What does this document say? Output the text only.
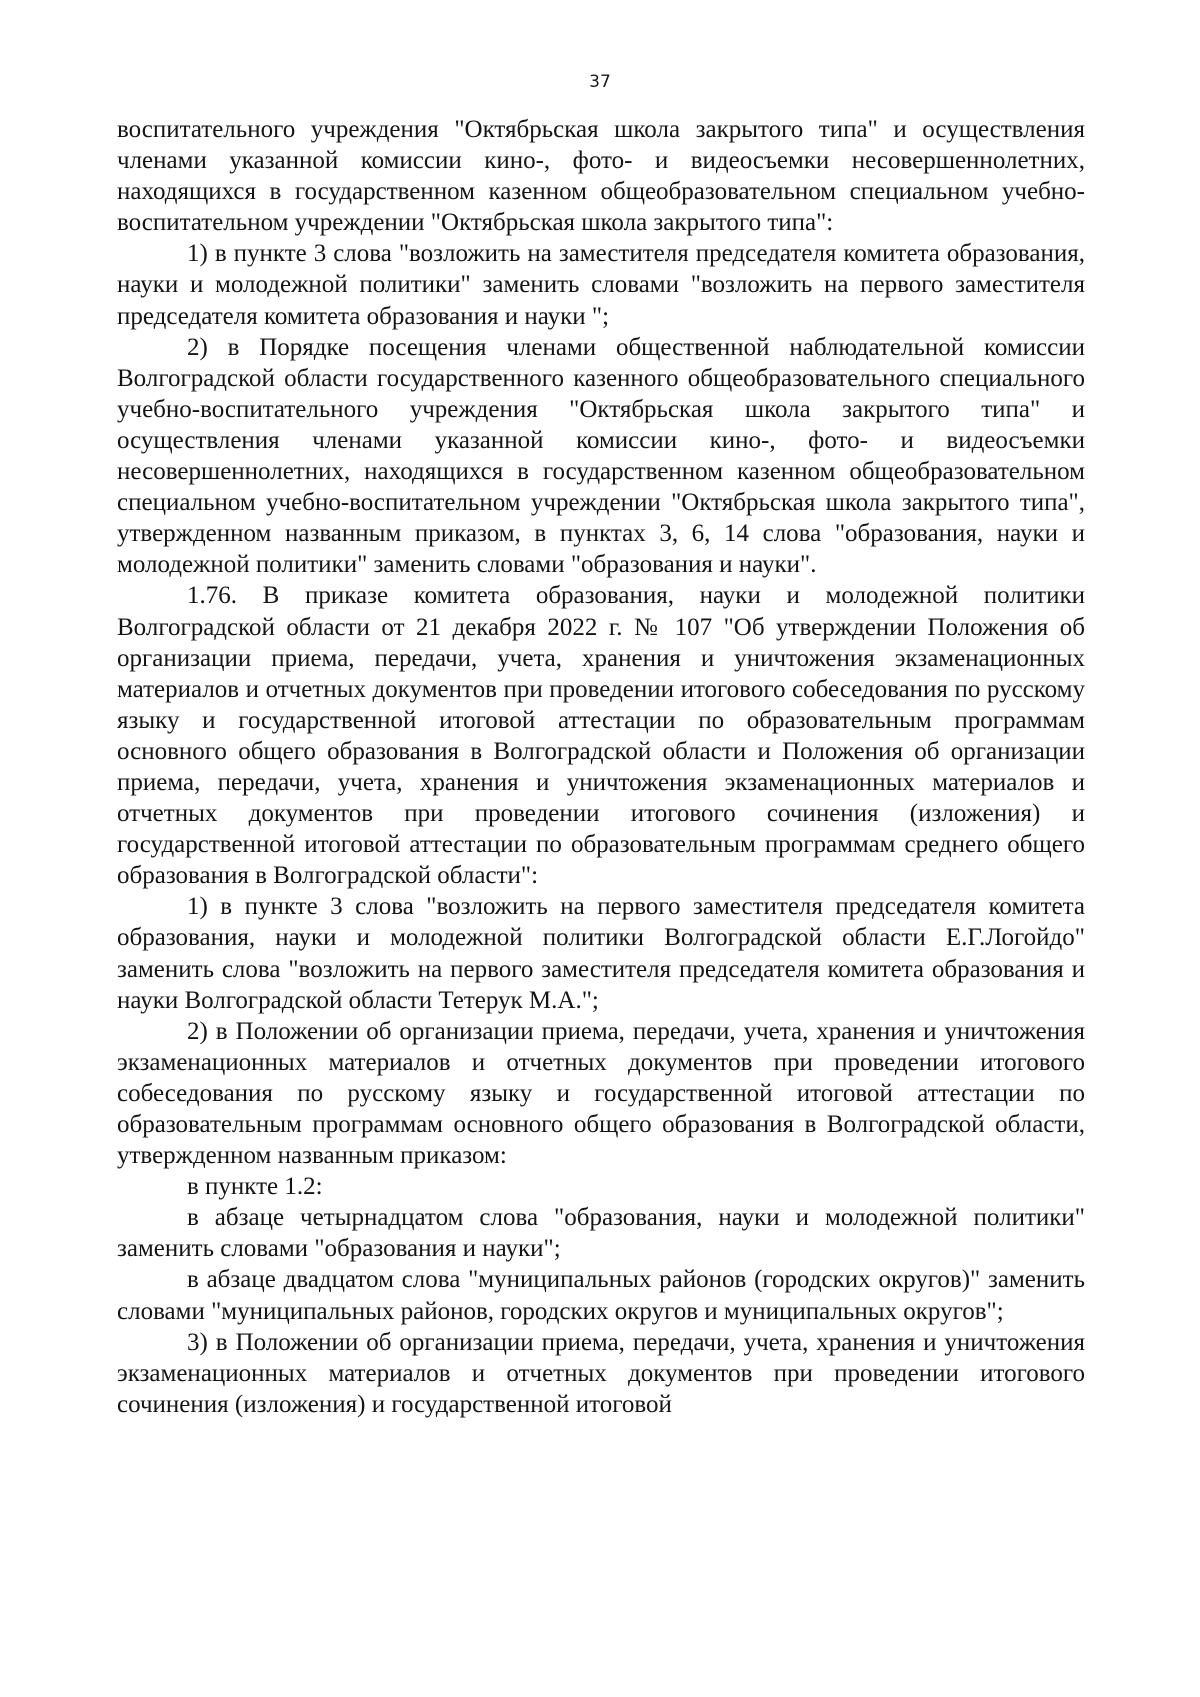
37

воспитательного учреждения "Октябрьская школа закрытого типа" и осуществления членами указанной комиссии кино-, фото- и видеосъемки несовершеннолетних, находящихся в государственном казенном общеобразовательном специальном учебно-воспитательном учреждении "Октябрьская школа закрытого типа":

1) в пункте 3 слова "возложить на заместителя председателя комитета образования, науки и молодежной политики" заменить словами "возложить на первого заместителя председателя комитета образования и науки ";

2) в Порядке посещения членами общественной наблюдательной комиссии Волгоградской области государственного казенного общеобразовательного специального учебно-воспитательного учреждения "Октябрьская школа закрытого типа" и осуществления членами указанной комиссии кино-, фото- и видеосъемки несовершеннолетних, находящихся в государственном казенном общеобразовательном специальном учебно-воспитательном учреждении "Октябрьская школа закрытого типа", утвержденном названным приказом, в пунктах 3, 6, 14 слова "образования, науки и молодежной политики" заменить словами "образования и науки".

1.76. В приказе комитета образования, науки и молодежной политики Волгоградской области от 21 декабря 2022 г. № 107 "Об утверждении Положения об организации приема, передачи, учета, хранения и уничтожения экзаменационных материалов и отчетных документов при проведении итогового собеседования по русскому языку и государственной итоговой аттестации по образовательным программам основного общего образования в Волгоградской области и Положения об организации приема, передачи, учета, хранения и уничтожения экзаменационных материалов и отчетных документов при проведении итогового сочинения (изложения) и государственной итоговой аттестации по образовательным программам среднего общего образования в Волгоградской области":

1) в пункте 3 слова "возложить на первого заместителя председателя комитета образования, науки и молодежной политики Волгоградской области Е.Г.Логойдо" заменить слова "возложить на первого заместителя председателя комитета образования и науки Волгоградской области Тетерук М.А.";

2) в Положении об организации приема, передачи, учета, хранения и уничтожения экзаменационных материалов и отчетных документов при проведении итогового собеседования по русскому языку и государственной итоговой аттестации по образовательным программам основного общего образования в Волгоградской области, утвержденном названным приказом:

в пункте 1.2:

в абзаце четырнадцатом слова "образования, науки и молодежной политики" заменить словами "образования и науки";

в абзаце двадцатом слова "муниципальных районов (городских округов)" заменить словами "муниципальных районов, городских округов и муниципальных округов";

3) в Положении об организации приема, передачи, учета, хранения и уничтожения экзаменационных материалов и отчетных документов при проведении итогового сочинения (изложения) и государственной итоговой
